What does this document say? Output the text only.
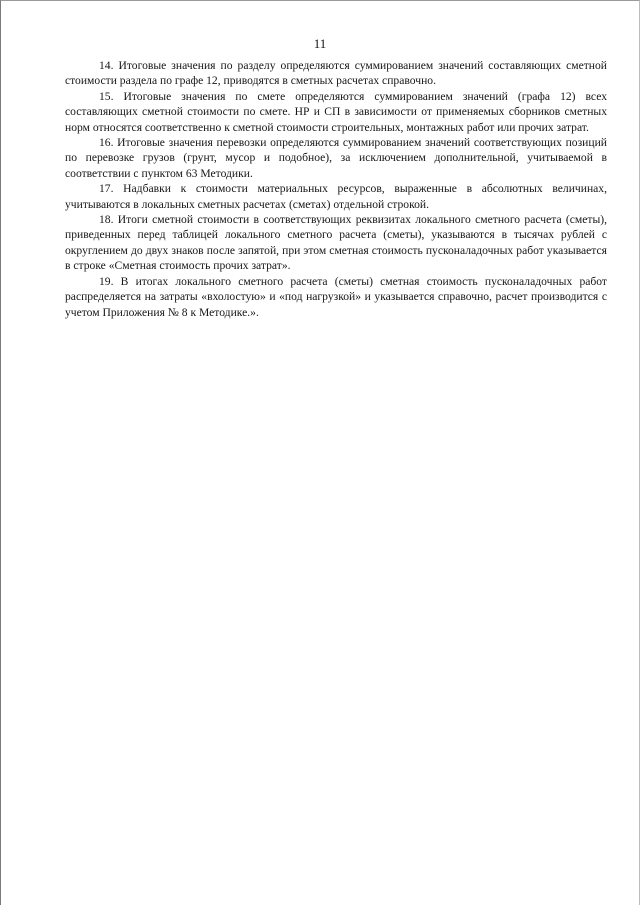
11

14. Итоговые значения по разделу определяются суммированием значений составляющих сметной стоимости раздела по графе 12, приводятся в сметных расчетах справочно.

15. Итоговые значения по смете определяются суммированием значений (графа 12) всех составляющих сметной стоимости по смете. НР и СП в зависимости от применяемых сборников сметных норм относятся соответственно к сметной стоимости строительных, монтажных работ или прочих затрат.

16. Итоговые значения перевозки определяются суммированием значений соответствующих позиций по перевозке грузов (грунт, мусор и подобное), за исключением дополнительной, учитываемой в соответствии с пунктом 63 Методики.

17. Надбавки к стоимости материальных ресурсов, выраженные в абсолютных величинах, учитываются в локальных сметных расчетах (сметах) отдельной строкой.

18. Итоги сметной стоимости в соответствующих реквизитах локального сметного расчета (сметы), приведенных перед таблицей локального сметного расчета (сметы), указываются в тысячах рублей с округлением до двух знаков после запятой, при этом сметная стоимость пусконаладочных работ указывается в строке «Сметная стоимость прочих затрат».

19. В итогах локального сметного расчета (сметы) сметная стоимость пусконаладочных работ распределяется на затраты «вхолостую» и «под нагрузкой» и указывается справочно, расчет производится с учетом Приложения № 8 к Методике.».
